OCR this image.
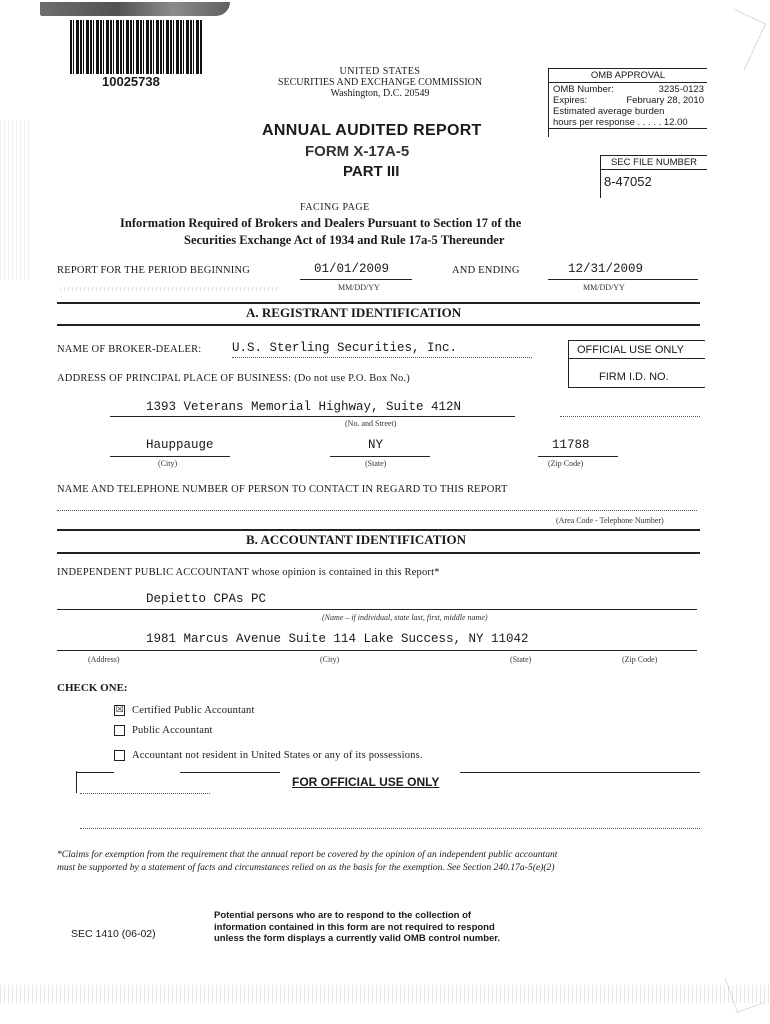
10025738
UNITED STATES
SECURITIES AND EXCHANGE COMMISSION
Washington, D.C. 20549
ANNUAL AUDITED REPORT
FORM X-17A-5
PART III
OMB APPROVAL
OMB Number:	3235-0123
Expires:	February 28, 2010
Estimated average burden
hours per response . . . . . 12.00
SEC FILE NUMBER
8-47052
FACING PAGE
Information Required of Brokers and Dealers Pursuant to Section 17 of the
Securities Exchange Act of 1934 and Rule 17a-5 Thereunder
REPORT FOR THE PERIOD BEGINNING	01/01/2009
MM/DD/YY
AND ENDING	12/31/2009
MM/DD/YY
A. REGISTRANT IDENTIFICATION
NAME OF BROKER-DEALER: U.S. Sterling Securities, Inc.	OFFICIAL USE ONLY
FIRM I.D. NO.
ADDRESS OF PRINCIPAL PLACE OF BUSINESS: (Do not use P.O. Box No.)
1393 Veterans Memorial Highway, Suite 412N
(No. and Street)
Hauppauge
(City)
NY
(State)
11788
(Zip Code)
NAME AND TELEPHONE NUMBER OF PERSON TO CONTACT IN REGARD TO THIS REPORT
(Area Code - Telephone Number)
B. ACCOUNTANT IDENTIFICATION
INDEPENDENT PUBLIC ACCOUNTANT whose opinion is contained in this Report*
Depietto CPAs PC
(Name – if individual, state last, first, middle name)
1981 Marcus Avenue Suite 114 Lake Success, NY 11042
(Address)	(City)	(State)	(Zip Code)
CHECK ONE:
☒ Certified Public Accountant
Public Accountant
Accountant not resident in United States or any of its possessions.
FOR OFFICIAL USE ONLY
*Claims for exemption from the requirement that the annual report be covered by the opinion of an independent public accountant
must be supported by a statement of facts and circumstances relied on as the basis for the exemption. See Section 240.17a-5(e)(2)
SEC 1410 (06-02)
Potential persons who are to respond to the collection of
information contained in this form are not required to respond
unless the form displays a currently valid OMB control number.
